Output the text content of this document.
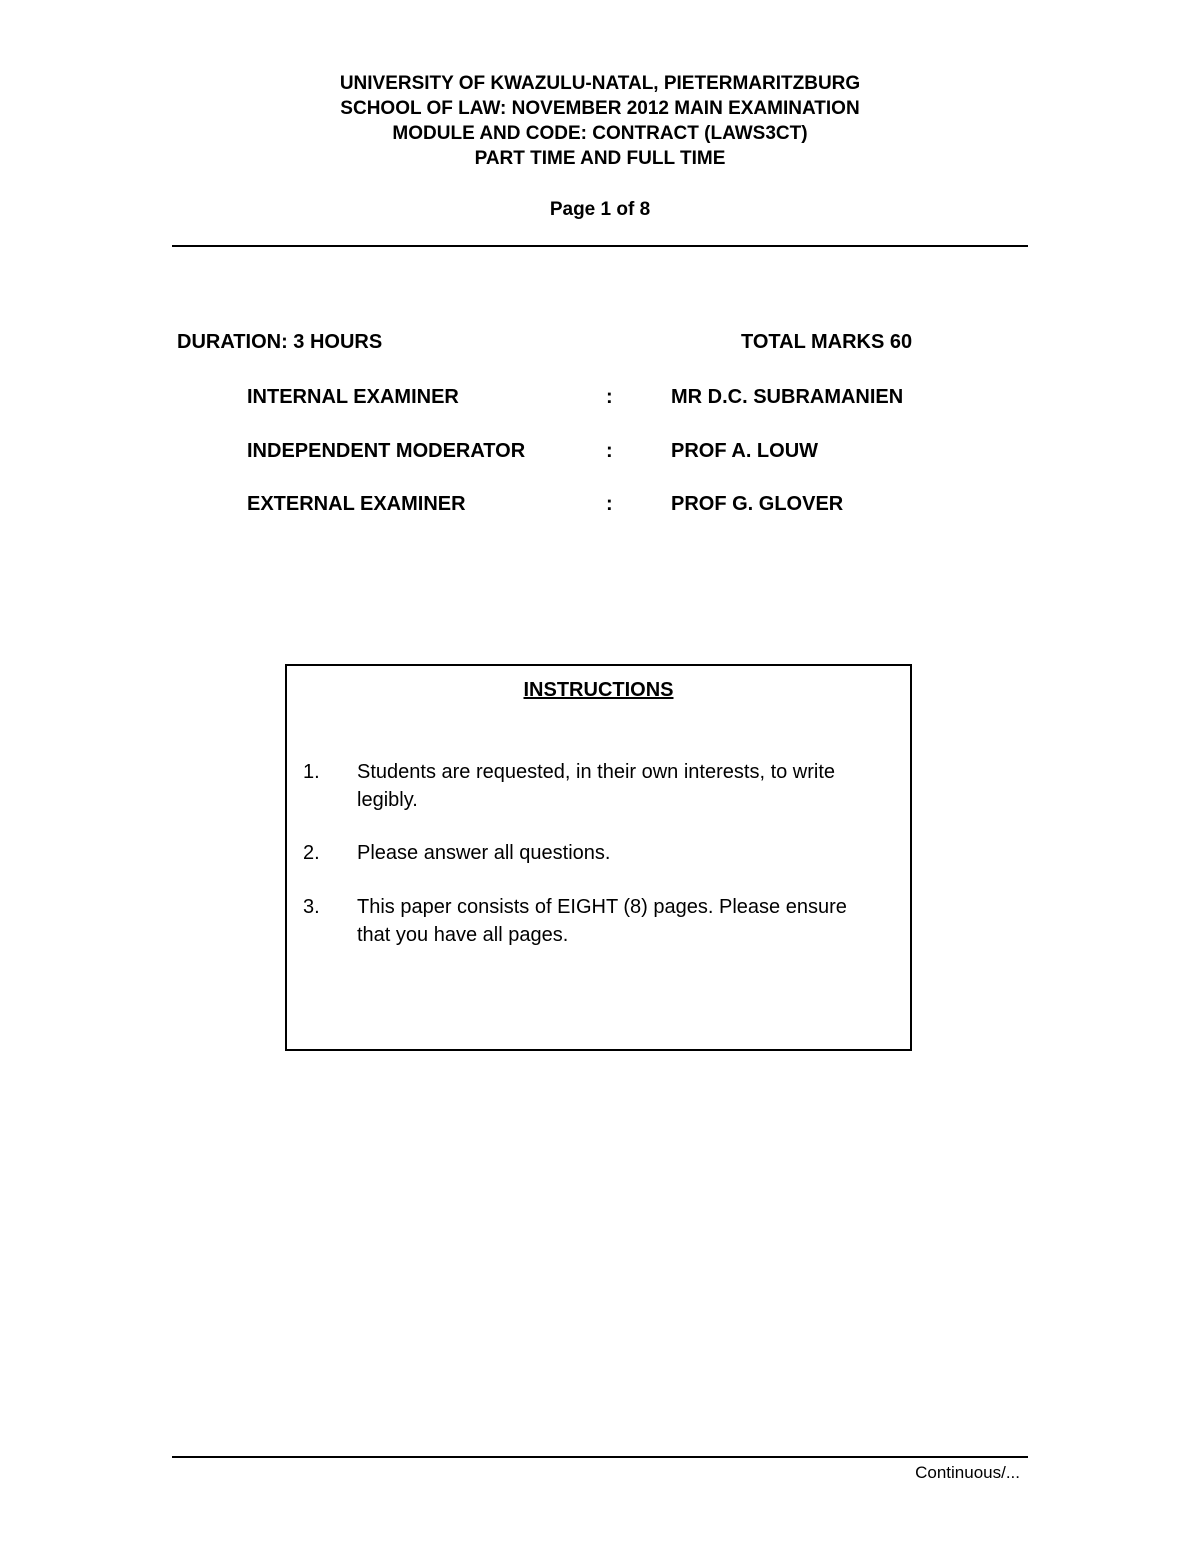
UNIVERSITY OF KWAZULU-NATAL, PIETERMARITZBURG
SCHOOL OF LAW: NOVEMBER 2012 MAIN EXAMINATION
MODULE AND CODE: CONTRACT (LAWS3CT)
PART TIME AND FULL TIME
Page 1 of 8
DURATION: 3 HOURS	TOTAL MARKS 60
INTERNAL EXAMINER	:	MR D.C. SUBRAMANIEN
INDEPENDENT MODERATOR	:	PROF A. LOUW
EXTERNAL EXAMINER	:	PROF G. GLOVER
INSTRUCTIONS
1. Students are requested, in their own interests, to write legibly.
2. Please answer all questions.
3. This paper consists of EIGHT (8) pages. Please ensure that you have all pages.
Continuous/...
